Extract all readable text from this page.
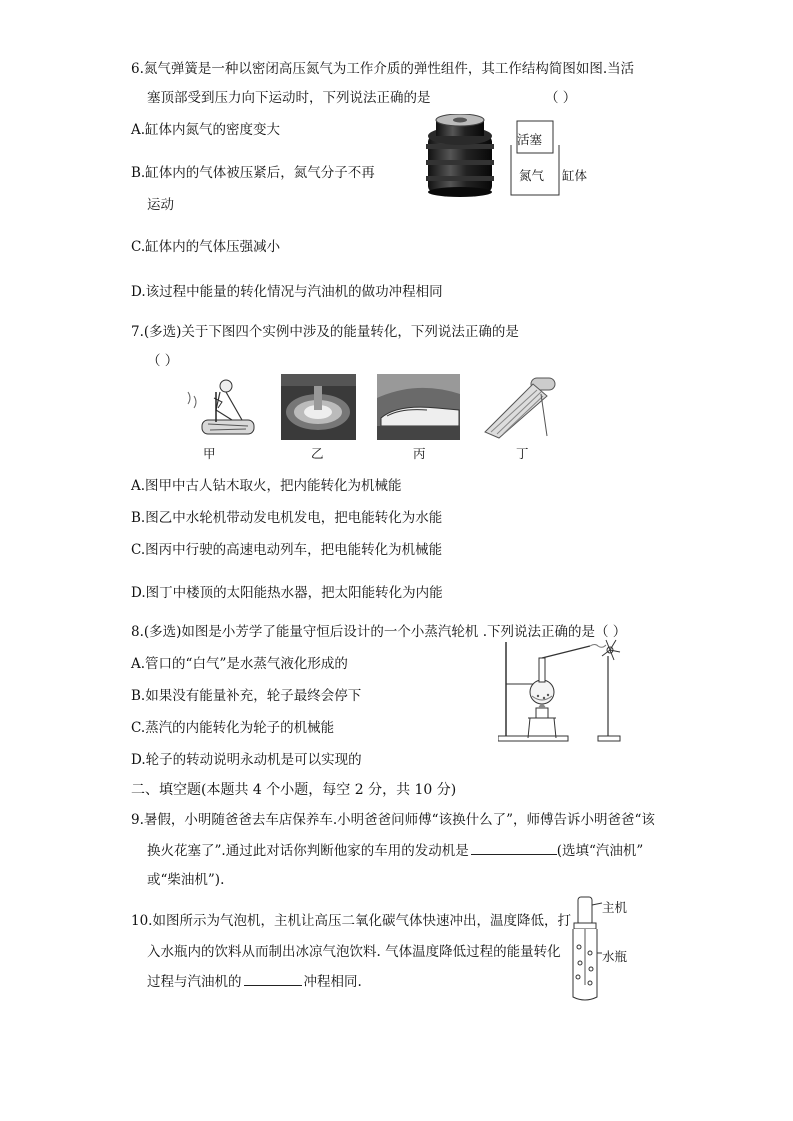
6.氮气弹簧是一种以密闭高压氮气为工作介质的弹性组件，其工作结构简图如图.当活
塞顶部受到压力向下运动时，下列说法正确的是	（ ）
A.缸体内氮气的密度变大
B.缸体内的气体被压紧后，氮气分子不再
运动
C.缸体内的气体压强减小
D.该过程中能量的转化情况与汽油机的做功冲程相同
活塞
氮气 缸体
7.(多选)关于下图四个实例中涉及的能量转化，下列说法正确的是
（ ）
甲	乙	丙	丁
A.图甲中古人钻木取火，把内能转化为机械能
B.图乙中水轮机带动发电机发电，把电能转化为水能
C.图丙中行驶的高速电动列车，把电能转化为机械能
D.图丁中楼顶的太阳能热水器，把太阳能转化为内能
8.(多选)如图是小芳学了能量守恒后设计的一个小蒸汽轮机 .下列说法正确的是（ ）
A.管口的“白气”是水蒸气液化形成的
B.如果没有能量补充，轮子最终会停下
C.蒸汽的内能转化为轮子的机械能
D.轮子的转动说明永动机是可以实现的
二、填空题(本题共 4 个小题，每空 2 分，共 10 分)
9.暑假，小明随爸爸去车店保养车.小明爸爸问师傅“该换什么了”，师傅告诉小明爸爸“该
换火花塞了”.通过此对话你判断他家的车用的发动机是	(选填“汽油机”
或“柴油机”).
10.如图所示为气泡机，主机让高压二氧化碳气体快速冲出，温度降低，打
入水瓶内的饮料从而制出冰凉气泡饮料. 气体温度降低过程的能量转化
过程与汽油机的	冲程相同.
主机
水瓶
